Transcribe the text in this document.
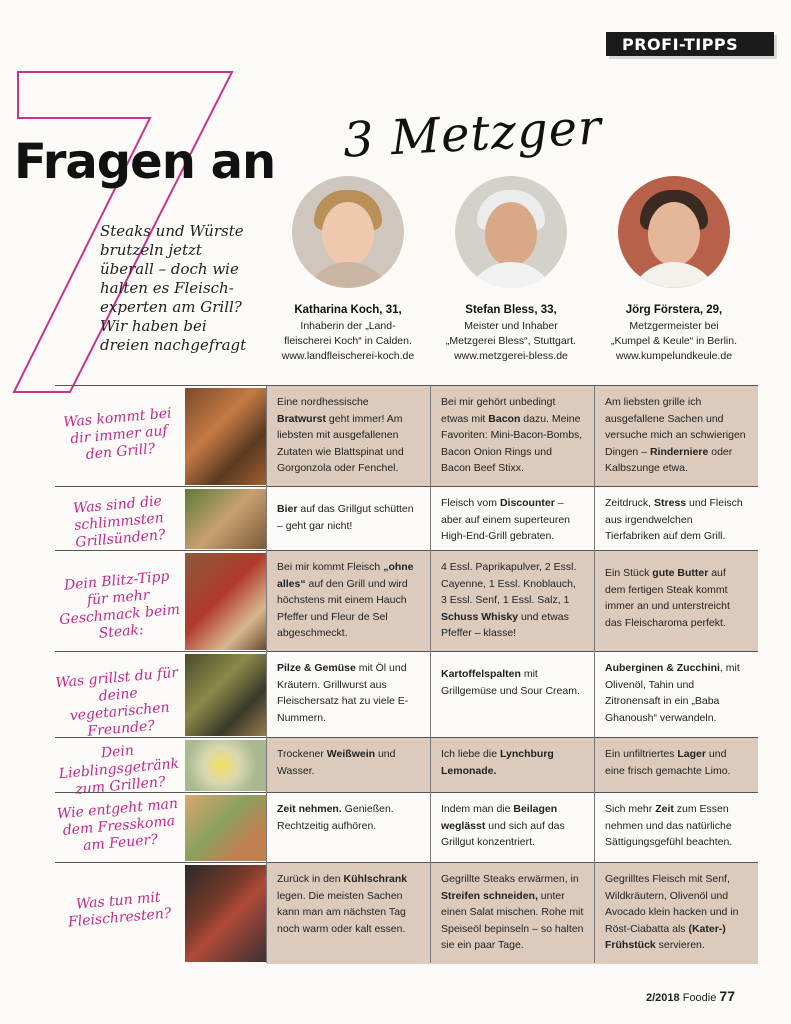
PROFI-TIPPS
Fragen an 3 Metzger
Steaks und Würste
brutzeln jetzt
überall – doch wie
halten es Fleisch-
experten am Grill?
Wir haben bei
dreien nachgefragt
Katharina Koch, 31,
Inhaberin der „Land-
fleischerei Koch“ in Calden.
www.landfleischerei-koch.de
Stefan Bless, 33,
Meister und Inhaber
„Metzgerei Bless“, Stuttgart.
www.metzgerei-bless.de
Jörg Förstera, 29,
Metzgermeister bei
„Kumpel & Keule“ in Berlin.
www.kumpelundkeule.de
Was kommt bei dir immer auf den Grill?
Eine nordhessische Bratwurst geht immer! Am liebsten mit ausgefallenen Zutaten wie Blattspinat und Gorgonzola oder Fenchel.
Bei mir gehört unbedingt etwas mit Bacon dazu. Meine Favoriten: Mini-Bacon-Bombs, Bacon Onion Rings und Bacon Beef Stixx.
Am liebsten grille ich ausgefallene Sachen und versuche mich an schwierigen Dingen – Rinderniere oder Kalbszunge etwa.
Was sind die schlimmsten Grillsünden?
Bier auf das Grillgut schütten – geht gar nicht!
Fleisch vom Discounter – aber auf einem superteuren High-End-Grill gebraten.
Zeitdruck, Stress und Fleisch aus irgendwelchen Tierfabriken auf dem Grill.
Dein Blitz-Tipp für mehr Geschmack beim Steak:
Bei mir kommt Fleisch „ohne alles“ auf den Grill und wird höchstens mit einem Hauch Pfeffer und Fleur de Sel abgeschmeckt.
4 Essl. Paprikapulver, 2 Essl. Cayenne, 1 Essl. Knoblauch, 3 Essl. Senf, 1 Essl. Salz, 1 Schuss Whisky und etwas Pfeffer – klasse!
Ein Stück gute Butter auf dem fertigen Steak kommt immer an und unterstreicht das Fleischaroma perfekt.
Was grillst du für deine vegetarischen Freunde?
Pilze & Gemüse mit Öl und Kräutern. Grillwurst aus Fleischersatz hat zu viele E-Nummern.
Kartoffelspalten mit Grillgemüse und Sour Cream.
Auberginen & Zucchini, mit Olivenöl, Tahin und Zitronensaft in ein „Baba Ghanoush“ verwandeln.
Dein Lieblingsgetränk zum Grillen?
Trockener Weißwein und Wasser.
Ich liebe die Lynchburg Lemonade.
Ein unfiltriertes Lager und eine frisch gemachte Limo.
Wie entgeht man dem Fresskoma am Feuer?
Zeit nehmen. Genießen. Rechtzeitig aufhören.
Indem man die Beilagen weglässt und sich auf das Grillgut konzentriert.
Sich mehr Zeit zum Essen nehmen und das natürliche Sättigungsgefühl beachten.
Was tun mit Fleischresten?
Zurück in den Kühlschrank legen. Die meisten Sachen kann man am nächsten Tag noch warm oder kalt essen.
Gegrillte Steaks erwärmen, in Streifen schneiden, unter einen Salat mischen. Rohe mit Speiseöl bepinseln – so halten sie ein paar Tage.
Gegrilltes Fleisch mit Senf, Wildkräutern, Olivenöl und Avocado klein hacken und in Röst-Ciabatta als (Kater-) Frühstück servieren.
2/2018 Foodie 77
